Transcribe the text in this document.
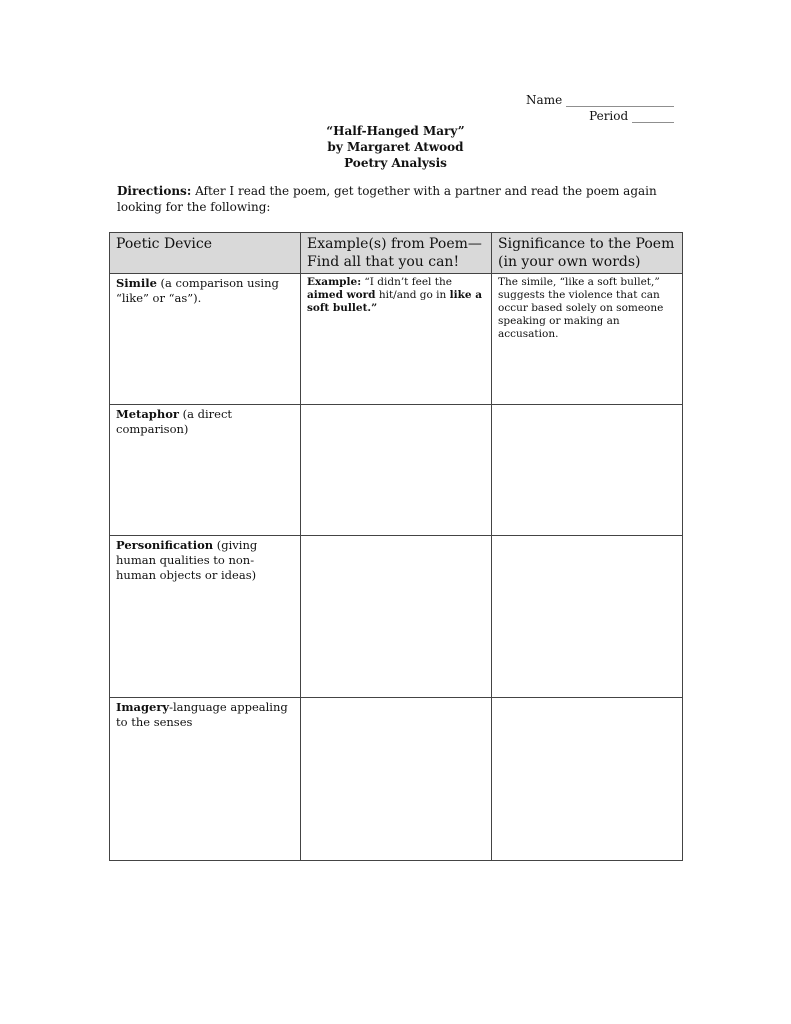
Name __________________
Period _______
“Half-Hanged Mary”
by Margaret Atwood
Poetry Analysis
Directions: After I read the poem, get together with a partner and read the poem again looking for the following:
Poetic Device	Example(s) from Poem—Find all that you can!	Significance to the Poem (in your own words)
Simile (a comparison using “like” or “as”).	Example: “I didn’t feel the aimed word hit/and go in like a soft bullet.”	The simile, “like a soft bullet,” suggests the violence that can occur based solely on someone speaking or making an accusation.
Metaphor (a direct comparison)		
Personification (giving human qualities to non-human objects or ideas)		
Imagery-language appealing to the senses		
